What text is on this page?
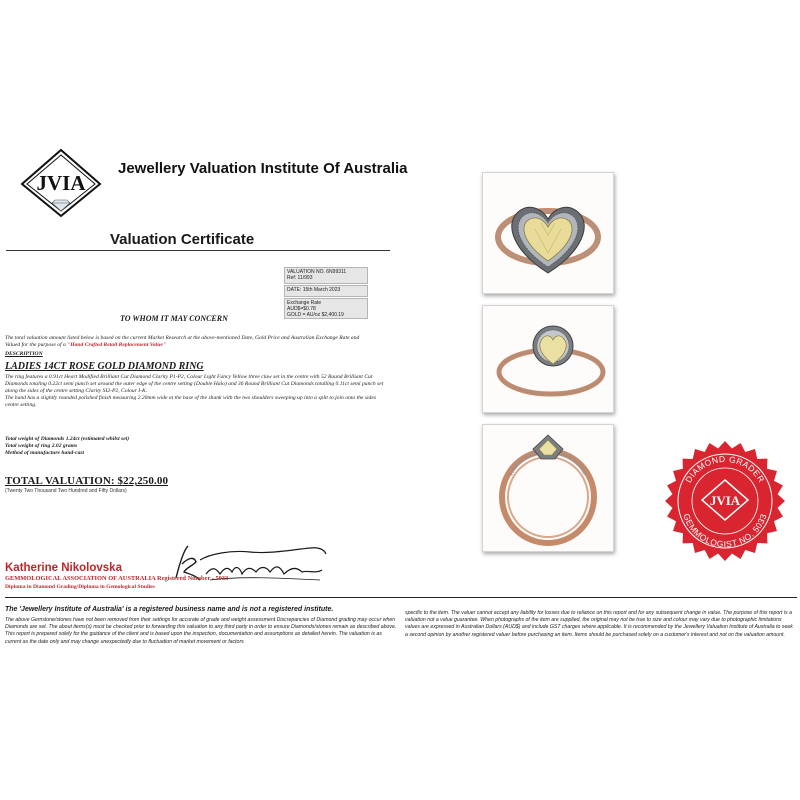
JVIA
Jewellery Valuation Institute Of Australia
Valuation Certificate
VALUATION NO. 6N99311
Ref: 11/993
DATE: 15th March 2023
Exchange Rate
AUD$=$0.78
GOLD = AU/oz $2,400.19
TO WHOM IT MAY CONCERN
The total valuation amount listed below is based on the current Market Research at the above-mentioned Date, Gold Price and Australian Exchange Rate and Valued for the purpose of a "Hand Crafted Retail Replacement Value"
DESCRIPTION
LADIES 14CT ROSE GOLD DIAMOND RING

The ring features a 0.91ct Heart Modified Brilliant Cut Diamond Clarity P1-P2, Colour Light Fancy Yellow three claw set in the centre with 52 Round Brilliant Cut Diamonds totaling 0.22ct semi punch set around the outer edge of the centre setting (Double Halo) and 36 Round Brilliant Cut Diamonds totalling 0.11ct semi punch set along the sides of the centre setting Clarity SI2-P2, Colour I-K.

The band has a slightly rounded polished finish measuring 2.20mm wide at the base of the shank with the two shoulders sweeping up into a split to join onto the sides centre setting.

Total weight of Diamonds 1.24ct (estimated whilst set)

Total weight of ring 2.02 grams

Method of manufacture hand-cast

TOTAL VALUATION: $22,250.00
(Twenty Two Thousand Two Hundred and Fifty Dollars)
Katherine Nikolovska
GEMMOLOGICAL ASSOCIATION OF AUSTRALIA Registered Number - 5033
Diploma in Diamond Grading/Diploma in Gemological Studies
The 'Jewellery Institute of Australia' is a registered business name and is not a registered institute.
The above Gemstone/stones have not been removed from their settings for accurate of grade and weight assessment Discrepancies of Diamond grading may occur when Diamonds are set. The about items(s) must be checked prior to forwarding this valuation to any third party in order to ensure Diamonds/stones remain as described above. This report is prepared solely for the guidance of the client and is based upon the inspection, documentation and assumptions as detailed herein. The valuation is as current as the date only and may change unexpectedly due to fluctuation of market movement or factors
specific to the item. The valuer cannot accept any liability for losses due to reliance on this report and for any subsequent change in value. The purpose of this report is a valuation not a value guarantee. When photographs of the item are supplied, the original may not be true to size and colour may vary due to photographic limitations values are expressed in Australian Dollars (AUD$) and include GST charges where applicable. It is recommended by the Jewellery Valuation Institute of Australia to seek a second opinion by another registered valuer before purchasing an item. Items should be purchased solely on a customer's interest and not on the valuation amount.
DIAMOND GRADER
GEMMOLOGIST NO. 5033
JVIA
